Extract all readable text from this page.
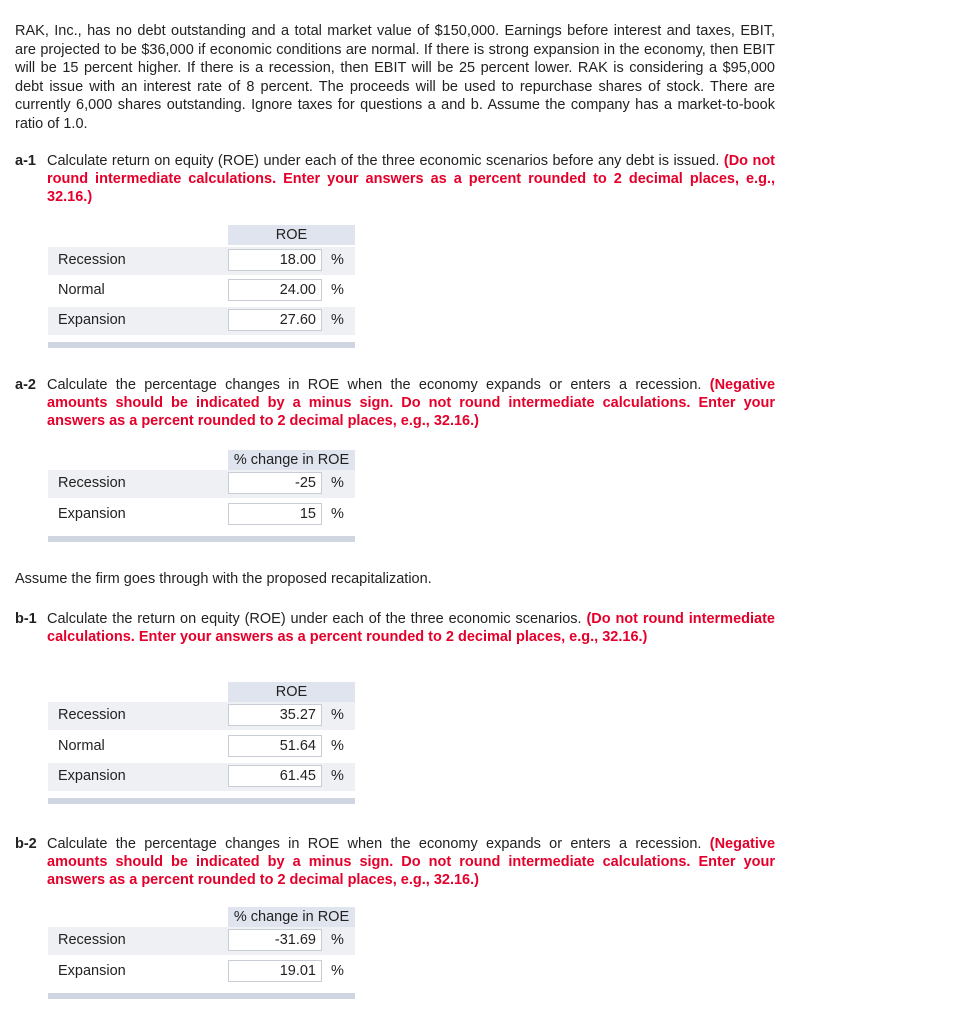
RAK, Inc., has no debt outstanding and a total market value of $150,000. Earnings before interest and taxes, EBIT, are projected to be $36,000 if economic conditions are normal. If there is strong expansion in the economy, then EBIT will be 15 percent higher. If there is a recession, then EBIT will be 25 percent lower. RAK is considering a $95,000 debt issue with an interest rate of 8 percent. The proceeds will be used to repurchase shares of stock. There are currently 6,000 shares outstanding. Ignore taxes for questions a and b. Assume the company has a market-to-book ratio of 1.0.

a-1 Calculate return on equity (ROE) under each of the three economic scenarios before any debt is issued. (Do not round intermediate calculations. Enter your answers as a percent rounded to 2 decimal places, e.g., 32.16.)
ROE
Recession	18.00	%
Normal	24.00	%
Expansion	27.60	%
a-2 Calculate the percentage changes in ROE when the economy expands or enters a recession. (Negative amounts should be indicated by a minus sign. Do not round intermediate calculations. Enter your answers as a percent rounded to 2 decimal places, e.g., 32.16.)
% change in ROE
Recession	-25	%
Expansion	15	%
Assume the firm goes through with the proposed recapitalization.
b-1 Calculate the return on equity (ROE) under each of the three economic scenarios. (Do not round intermediate calculations. Enter your answers as a percent rounded to 2 decimal places, e.g., 32.16.)
ROE
Recession	35.27	%
Normal	51.64	%
Expansion	61.45	%
b-2 Calculate the percentage changes in ROE when the economy expands or enters a recession. (Negative amounts should be indicated by a minus sign. Do not round intermediate calculations. Enter your answers as a percent rounded to 2 decimal places, e.g., 32.16.)
% change in ROE
Recession	-31.69	%
Expansion	19.01	%
